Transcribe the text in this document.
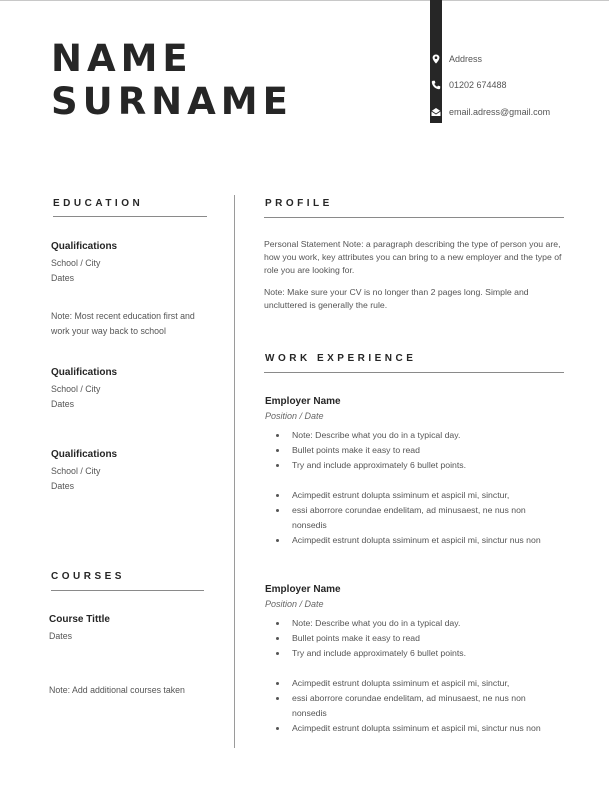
NAME
SURNAME
Address
01202 674488
email.adress@gmail.com
EDUCATION
Qualifications
School / City
Dates
Note: Most recent education first and
work your way back to school
Qualifications
School / City
Dates
Qualifications
School / City
Dates
COURSES
Course Tittle
Dates
Note: Add additional courses taken
PROFILE
Personal Statement Note: a paragraph describing the type of person you are, how you work, key attributes you can bring to a new employer and the type of role you are looking for.
Note: Make sure your CV is no longer than 2 pages long. Simple and uncluttered is generally the rule.
WORK EXPERIENCE
Employer Name
Position / Date
Note: Describe what you do in a typical day.
Bullet points make it easy to read
Try and include approximately 6 bullet points.
Acimpedit estrunt dolupta ssiminum et aspicil mi, sinctur,
essi aborrore corundae endelitam, ad minusaest, ne nus non nonsedis
Acimpedit estrunt dolupta ssiminum et aspicil mi, sinctur nus non
Employer Name
Position / Date
Note: Describe what you do in a typical day.
Bullet points make it easy to read
Try and include approximately 6 bullet points.
Acimpedit estrunt dolupta ssiminum et aspicil mi, sinctur,
essi aborrore corundae endelitam, ad minusaest, ne nus non nonsedis
Acimpedit estrunt dolupta ssiminum et aspicil mi, sinctur nus non
